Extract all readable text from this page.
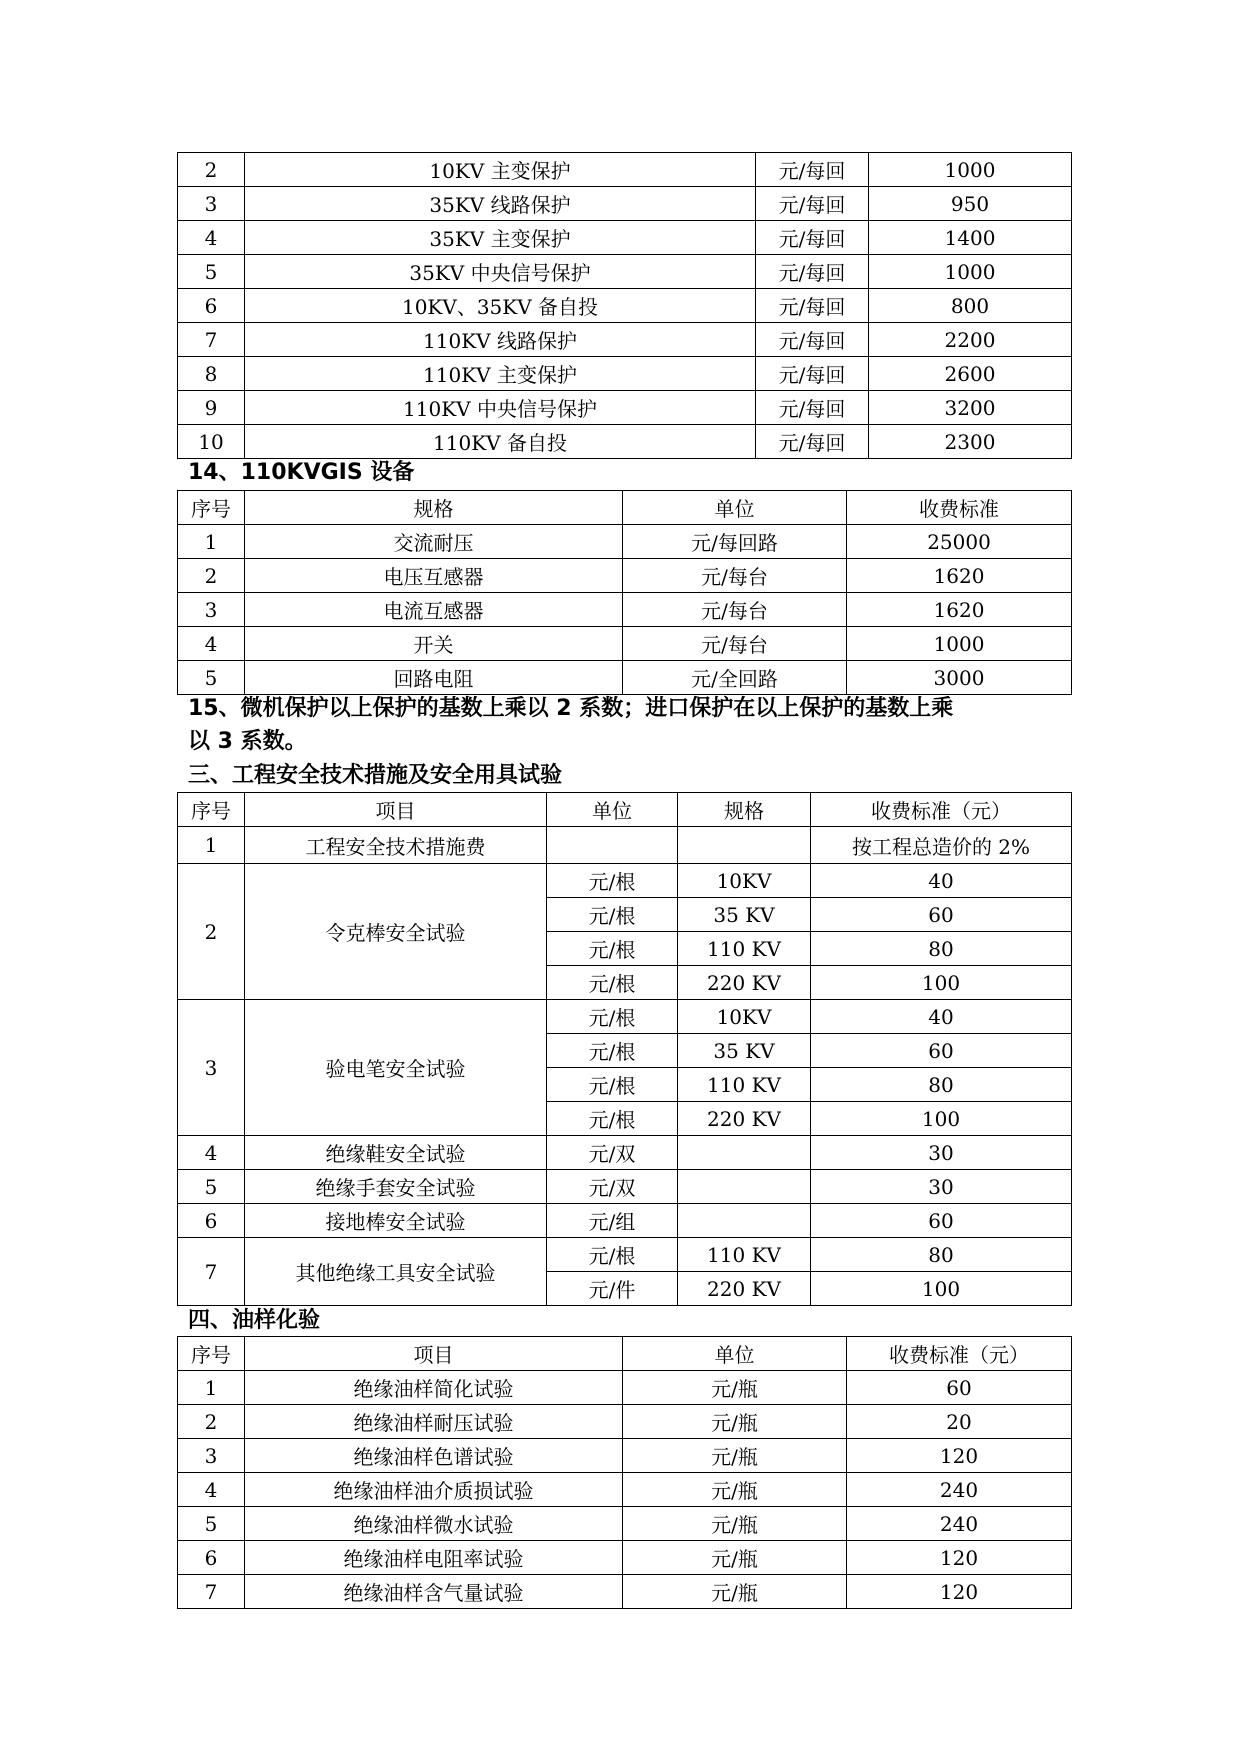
2	10KV 主变保护	元/每回	1000
3	35KV 线路保护	元/每回	950
4	35KV 主变保护	元/每回	1400
5	35KV 中央信号保护	元/每回	1000
6	10KV、35KV 备自投	元/每回	800
7	110KV 线路保护	元/每回	2200
8	110KV 主变保护	元/每回	2600
9	110KV 中央信号保护	元/每回	3200
10	110KV 备自投	元/每回	2300
14、110KVGIS 设备
序号	规格	单位	收费标准
1	交流耐压	元/每回路	25000
2	电压互感器	元/每台	1620
3	电流互感器	元/每台	1620
4	开关	元/每台	1000
5	回路电阻	元/全回路	3000
15、微机保护以上保护的基数上乘以 2 系数；进口保护在以上保护的基数上乘
以 3 系数。
三、工程安全技术措施及安全用具试验
序号	项目	单位	规格	收费标准（元）
1	工程安全技术措施费			按工程总造价的 2%
2	令克棒安全试验	元/根	10KV	40
		元/根	35 KV	60
		元/根	110 KV	80
		元/根	220 KV	100
3	验电笔安全试验	元/根	10KV	40
		元/根	35 KV	60
		元/根	110 KV	80
		元/根	220 KV	100
4	绝缘鞋安全试验	元/双		30
5	绝缘手套安全试验	元/双		30
6	接地棒安全试验	元/组		60
7	其他绝缘工具安全试验	元/根	110 KV	80
		元/件	220 KV	100
四、油样化验
序号	项目	单位	收费标准（元）
1	绝缘油样简化试验	元/瓶	60
2	绝缘油样耐压试验	元/瓶	20
3	绝缘油样色谱试验	元/瓶	120
4	绝缘油样油介质损试验	元/瓶	240
5	绝缘油样微水试验	元/瓶	240
6	绝缘油样电阻率试验	元/瓶	120
7	绝缘油样含气量试验	元/瓶	120
